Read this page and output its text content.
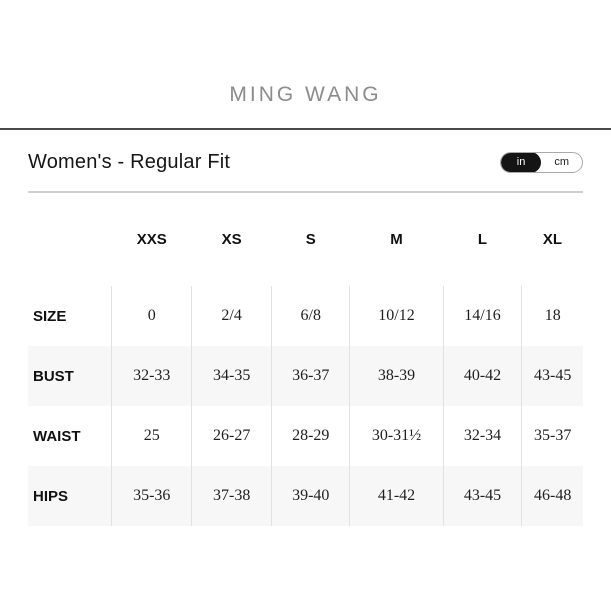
MING WANG
Women's - Regular Fit	in	cm
	XXS	XS	S	M	L	XL
SIZE	0	2/4	6/8	10/12	14/16	18
BUST	32-33	34-35	36-37	38-39	40-42	43-45
WAIST	25	26-27	28-29	30-31½	32-34	35-37
HIPS	35-36	37-38	39-40	41-42	43-45	46-48
